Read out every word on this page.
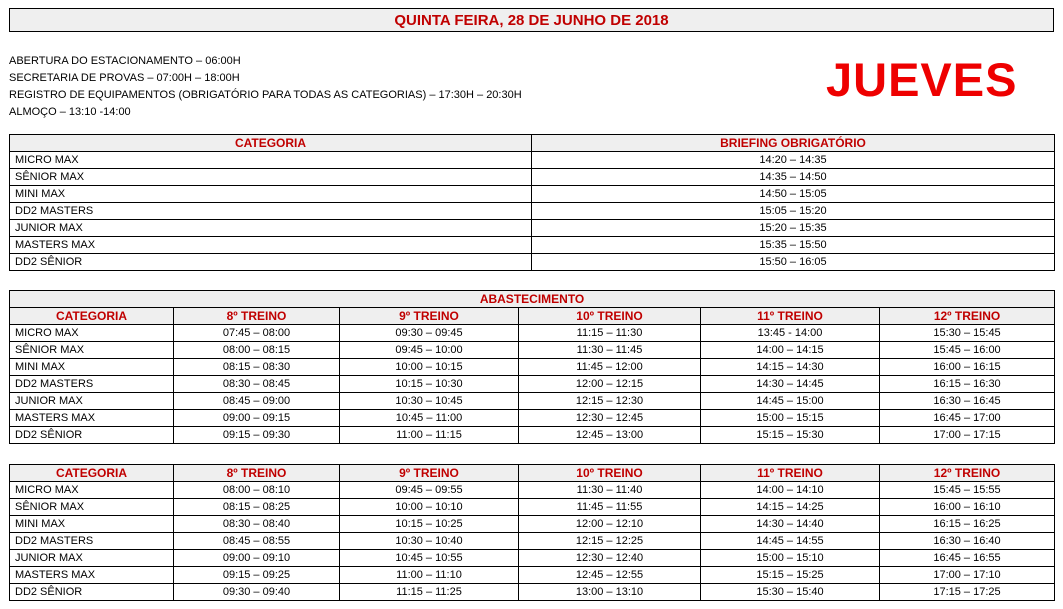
QUINTA FEIRA, 28 DE JUNHO DE 2018
ABERTURA DO ESTACIONAMENTO – 06:00H
SECRETARIA DE PROVAS – 07:00H – 18:00H
REGISTRO DE EQUIPAMENTOS (OBRIGATÓRIO PARA TODAS AS CATEGORIAS) – 17:30H – 20:30H
ALMOÇO – 13:10 -14:00
JUEVES
CATEGORIA	BRIEFING OBRIGATÓRIO
MICRO MAX	14:20 – 14:35
SÊNIOR MAX	14:35 – 14:50
MINI MAX	14:50 – 15:05
DD2 MASTERS	15:05 – 15:20
JUNIOR MAX	15:20 – 15:35
MASTERS MAX	15:35 – 15:50
DD2 SÊNIOR	15:50 – 16:05
ABASTECIMENTO					
CATEGORIA	8º TREINO	9º TREINO	10º TREINO	11º TREINO	12º TREINO
MICRO MAX	07:45 – 08:00	09:30 – 09:45	11:15 – 11:30	13:45 - 14:00	15:30 – 15:45
SÊNIOR MAX	08:00 – 08:15	09:45 – 10:00	11:30 – 11:45	14:00 – 14:15	15:45 – 16:00
MINI MAX	08:15 – 08:30	10:00 – 10:15	11:45 – 12:00	14:15 – 14:30	16:00 – 16:15
DD2 MASTERS	08:30 – 08:45	10:15 – 10:30	12:00 – 12:15	14:30 – 14:45	16:15 – 16:30
JUNIOR MAX	08:45 – 09:00	10:30 – 10:45	12:15 – 12:30	14:45 – 15:00	16:30 – 16:45
MASTERS MAX	09:00 – 09:15	10:45 – 11:00	12:30 – 12:45	15:00 – 15:15	16:45 – 17:00
DD2 SÊNIOR	09:15 – 09:30	11:00 – 11:15	12:45 – 13:00	15:15 – 15:30	17:00 – 17:15
CATEGORIA	8º TREINO	9º TREINO	10º TREINO	11º TREINO	12º TREINO
MICRO MAX	08:00 – 08:10	09:45 – 09:55	11:30 – 11:40	14:00 – 14:10	15:45 – 15:55
SÊNIOR MAX	08:15 – 08:25	10:00 – 10:10	11:45 – 11:55	14:15 – 14:25	16:00 – 16:10
MINI MAX	08:30 – 08:40	10:15 – 10:25	12:00 – 12:10	14:30 – 14:40	16:15 – 16:25
DD2 MASTERS	08:45 – 08:55	10:30 – 10:40	12:15 – 12:25	14:45 – 14:55	16:30 – 16:40
JUNIOR MAX	09:00 – 09:10	10:45 – 10:55	12:30 – 12:40	15:00 – 15:10	16:45 – 16:55
MASTERS MAX	09:15 – 09:25	11:00 – 11:10	12:45 – 12:55	15:15 – 15:25	17:00 – 17:10
DD2 SÊNIOR	09:30 – 09:40	11:15 – 11:25	13:00 – 13:10	15:30 – 15:40	17:15 – 17:25
